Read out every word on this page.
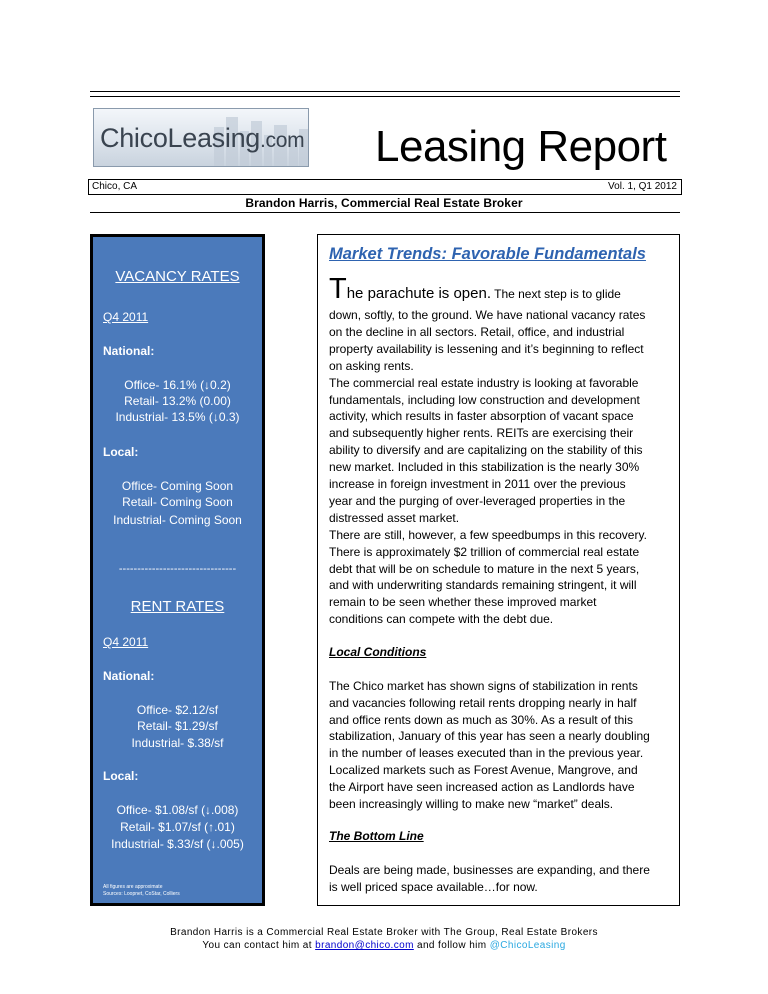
ChicoLeasing.com Leasing Report
Chico, CA	Vol. 1, Q1 2012
Brandon Harris, Commercial Real Estate Broker
VACANCY RATES
Q4 2011
National:
Office- 16.1% (↓0.2)
Retail- 13.2% (0.00)
Industrial- 13.5% (↓0.3)
Local:
Office- Coming Soon
Retail- Coming Soon
Industrial- Coming Soon
--------------------------------
RENT RATES
Q4 2011
National:
Office- $2.12/sf
Retail- $1.29/sf
Industrial- $.38/sf
Local:
Office- $1.08/sf (↓.008)
Retail- $1.07/sf (↑.01)
Industrial- $.33/sf (↓.005)
All figures are approximate
Sources: Loopnet, CoStar, Colliers
Market Trends: Favorable Fundamentals
The parachute is open. The next step is to glide
down, softly, to the ground. We have national vacancy rates
on the decline in all sectors. Retail, office, and industrial
property availability is lessening and it’s beginning to reflect
on asking rents.
The commercial real estate industry is looking at favorable
fundamentals, including low construction and development
activity, which results in faster absorption of vacant space
and subsequently higher rents. REITs are exercising their
ability to diversify and are capitalizing on the stability of this
new market. Included in this stabilization is the nearly 30%
increase in foreign investment in 2011 over the previous
year and the purging of over-leveraged properties in the
distressed asset market.
There are still, however, a few speedbumps in this recovery.
There is approximately $2 trillion of commercial real estate
debt that will be on schedule to mature in the next 5 years,
and with underwriting standards remaining stringent, it will
remain to be seen whether these improved market
conditions can compete with the debt due.
Local Conditions
The Chico market has shown signs of stabilization in rents
and vacancies following retail rents dropping nearly in half
and office rents down as much as 30%. As a result of this
stabilization, January of this year has seen a nearly doubling
in the number of leases executed than in the previous year.
Localized markets such as Forest Avenue, Mangrove, and
the Airport have seen increased action as Landlords have
been increasingly willing to make new “market” deals.
The Bottom Line
Deals are being made, businesses are expanding, and there
is well priced space available…for now.
Brandon Harris is a Commercial Real Estate Broker with The Group, Real Estate Brokers
You can contact him at brandon@chico.com and follow him @ChicoLeasing
